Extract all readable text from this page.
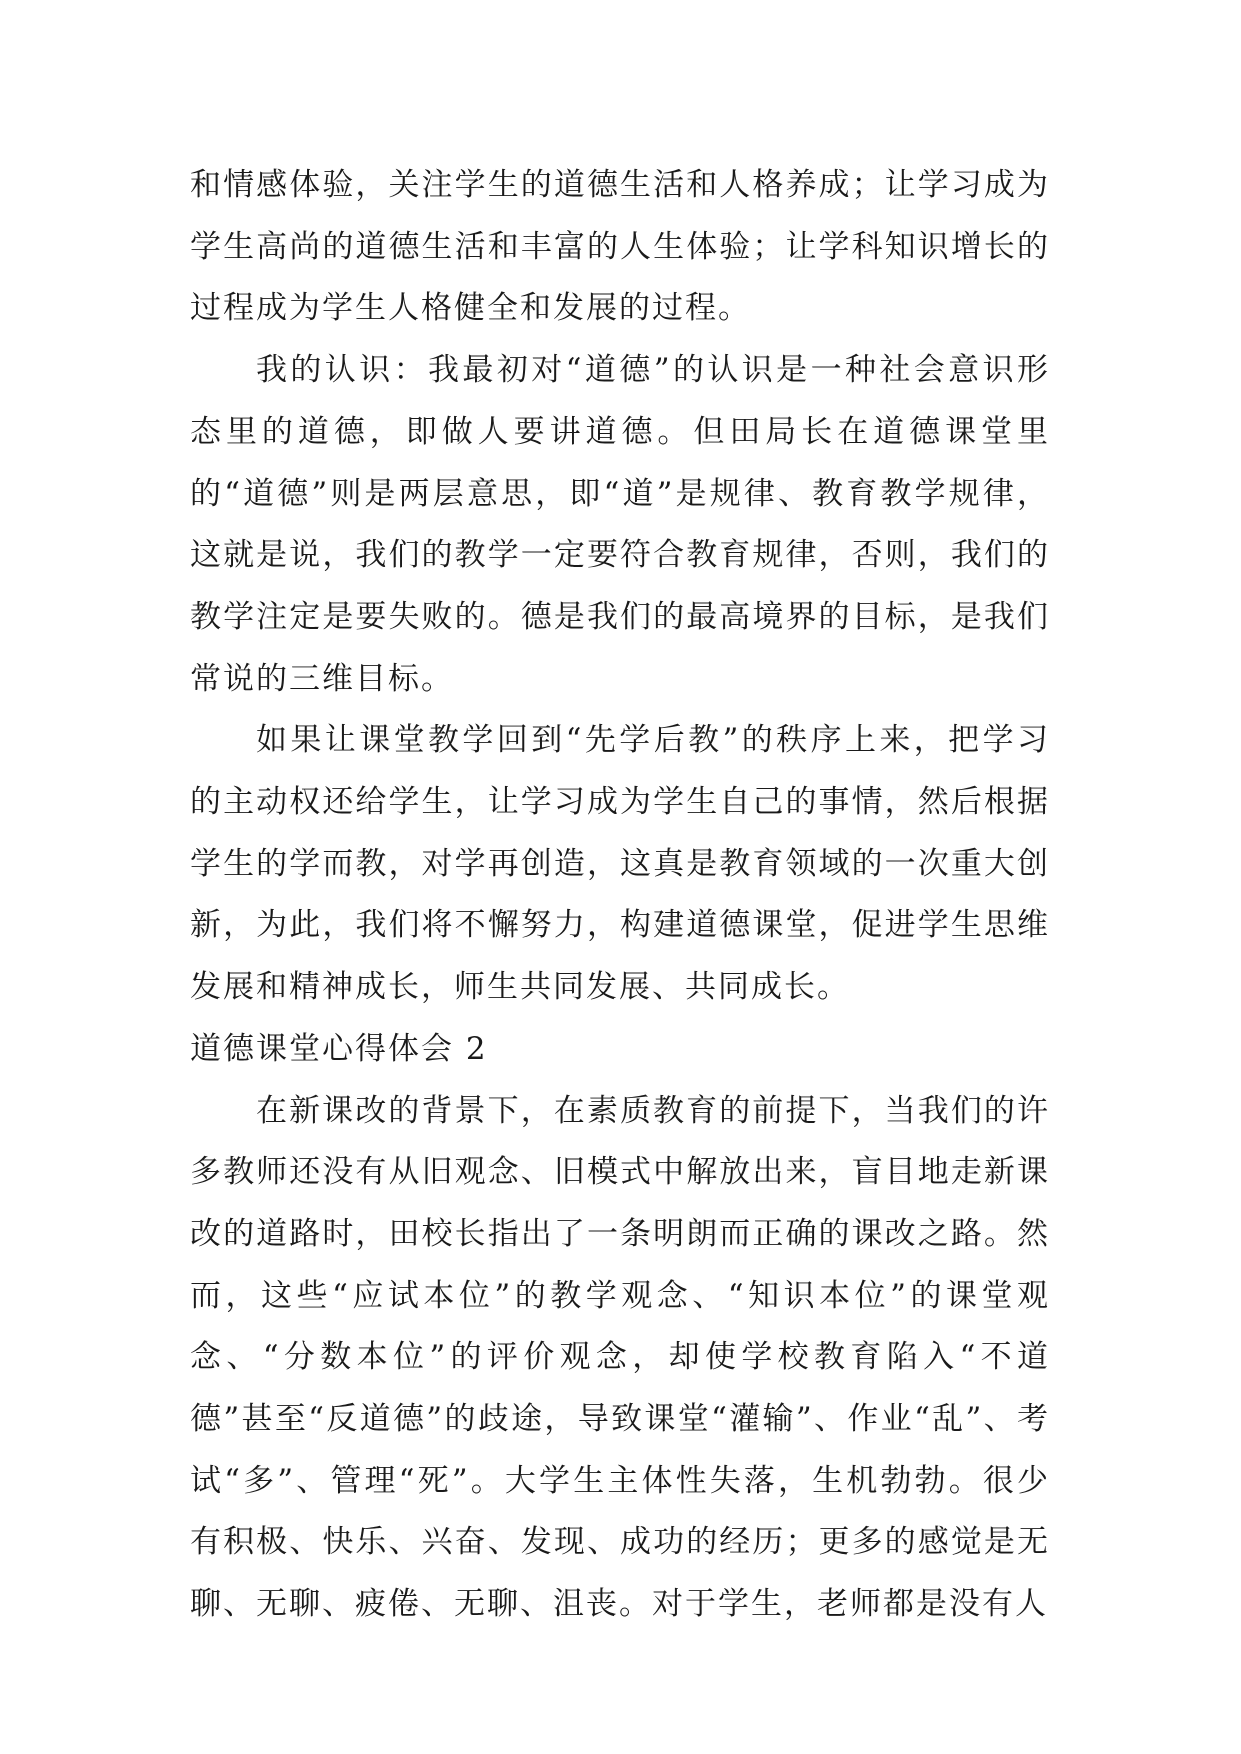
和情感体验，关注学生的道德生活和人格养成；让学习成为学生高尚的道德生活和丰富的人生体验；让学科知识增长的过程成为学生人格健全和发展的过程。

我的认识：我最初对“道德”的认识是一种社会意识形态里的道德，即做人要讲道德。但田局长在道德课堂里的“道德”则是两层意思，即“道”是规律、教育教学规律，这就是说，我们的教学一定要符合教育规律，否则，我们的教学注定是要失败的。德是我们的最高境界的目标，是我们常说的三维目标。

如果让课堂教学回到“先学后教”的秩序上来，把学习的主动权还给学生，让学习成为学生自己的事情，然后根据学生的学而教，对学再创造，这真是教育领域的一次重大创新，为此，我们将不懈努力，构建道德课堂，促进学生思维发展和精神成长，师生共同发展、共同成长。

道德课堂心得体会 2

在新课改的背景下，在素质教育的前提下，当我们的许多教师还没有从旧观念、旧模式中解放出来，盲目地走新课改的道路时，田校长指出了一条明朗而正确的课改之路。然而，这些“应试本位”的教学观念、“知识本位”的课堂观念、“分数本位”的评价观念，却使学校教育陷入“不道德”甚至“反道德”的歧途，导致课堂“灌输”、作业“乱”、考试“多”、管理“死”。大学生主体性失落，生机勃勃。很少有积极、快乐、兴奋、发现、成功的经历；更多的感觉是无聊、无聊、疲倦、无聊、沮丧。对于学生，老师都是没有人
